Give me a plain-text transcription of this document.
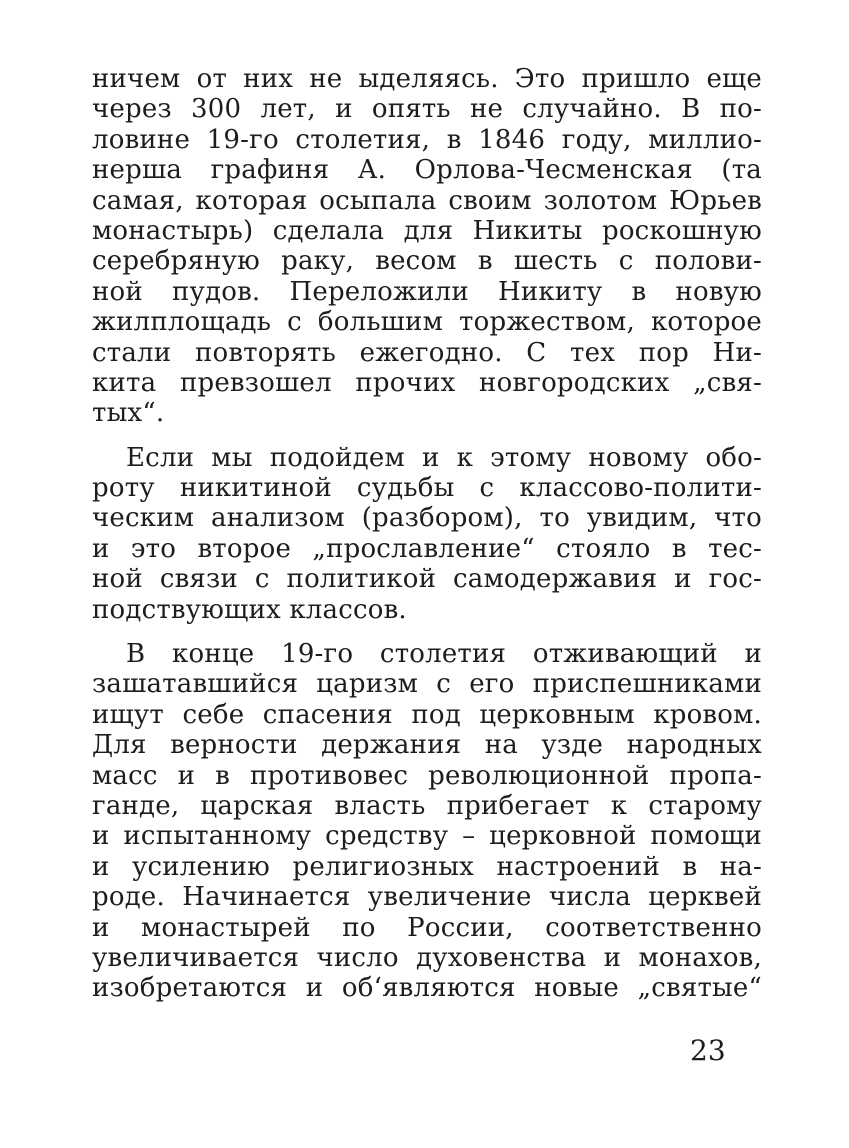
ничем от них не ыделяясь. Это пришло еще
через 300 лет, и опять не случайно. В по-
ловине 19-го столетия, в 1846 году, миллио-
нерша графиня А. Орлова-Чесменская (та
самая, которая осыпала своим золотом Юрьев
монастырь) сделала для Никиты роскошную
серебряную раку, весом в шесть с полови-
ной пудов. Переложили Никиту в новую
жилплощадь с большим торжеством, которое
стали повторять ежегодно. С тех пор Ни-
кита превзошел прочих новгородских „свя-
тых“.
Если мы подойдем и к этому новому обо-
роту никитиной судьбы с классово-полити-
ческим анализом (разбором), то увидим, что
и это второе „прославление“ стояло в тес-
ной связи с политикой самодержавия и гос-
подствующих классов.
В конце 19-го столетия отживающий и
зашатавшийся царизм с его приспешниками
ищут себе спасения под церковным кровом.
Для верности держания на узде народных
масс и в противовес революционной пропа-
ганде, царская власть прибегает к старому
и испытанному средству – церковной помощи
и усилению религиозных настроений в на-
роде. Начинается увеличение числа церквей
и монастырей по России, соответственно
увеличивается число духовенства и монахов,
изобретаются и об‘являются новые „святые“
23
